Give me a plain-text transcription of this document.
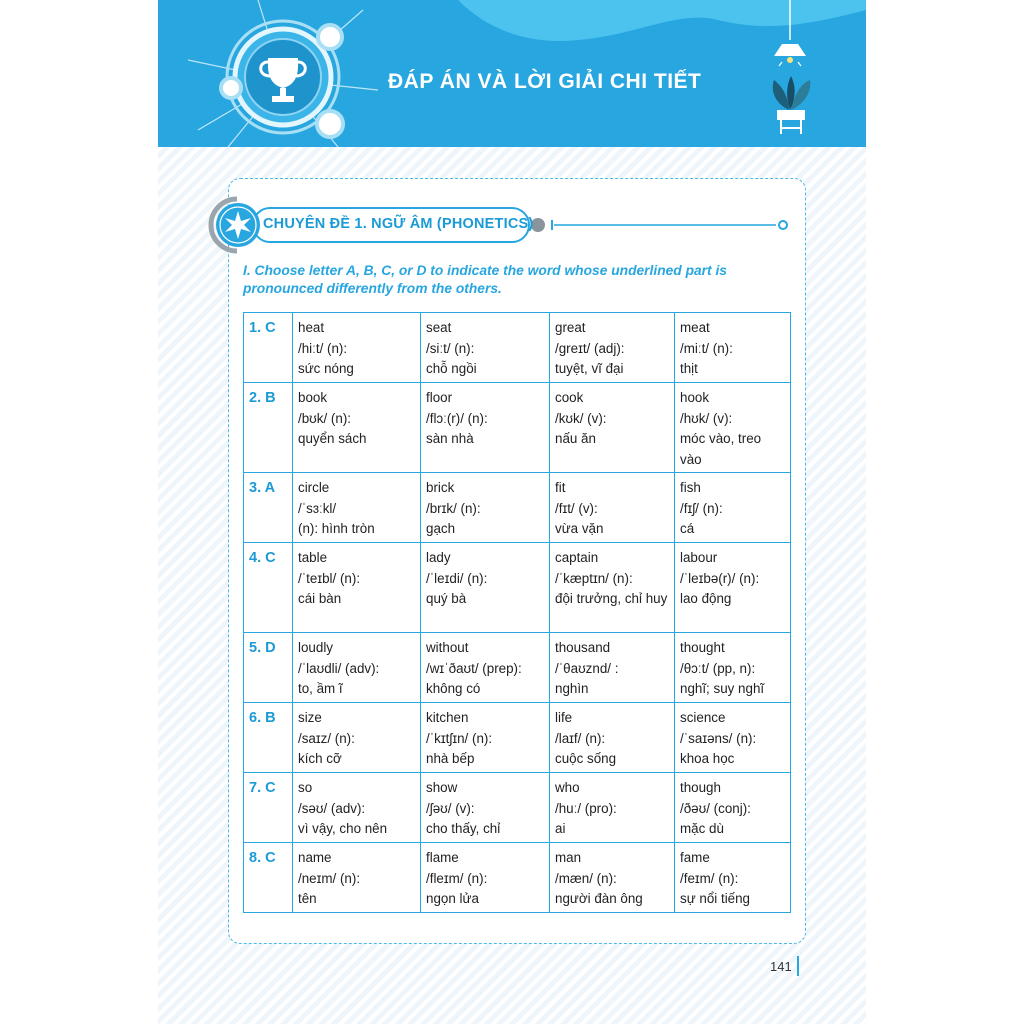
ĐÁP ÁN VÀ LỜI GIẢI CHI TIẾT
CHUYÊN ĐỀ 1. NGỮ ÂM (PHONETICS)
I. Choose letter A, B, C, or D to indicate the word whose underlined part is pronounced differently from the others.
1. C	heat
/hiːt/ (n):
sức nóng	seat
/siːt/ (n):
chỗ ngồi	great
/ɡreɪt/ (adj):
tuyệt, vĩ đại	meat
/miːt/ (n):
thịt

2. B	book
/bʊk/ (n):
quyển sách	floor
/flɔː(r)/ (n):
sàn nhà	cook
/kʊk/ (v):
nấu ăn	hook
/hʊk/ (v):
móc vào, treo vào

3. A	circle
/ˈsɜːkl/
(n): hình tròn	brick
/brɪk/ (n):
gạch	fit
/fɪt/ (v):
vừa vặn	fish
/fɪʃ/ (n):
cá

4. C	table
/ˈteɪbl/ (n):
cái bàn	lady
/ˈleɪdi/ (n):
quý bà	captain
/ˈkæptɪn/ (n):
đội trưởng, chỉ huy	labour
/ˈleɪbə(r)/ (n):
lao động

5. D	loudly
/ˈlaʊdli/ (adv):
to, ầm ĩ	without
/wɪˈðaʊt/ (prep):
không có	thousand
/ˈθaʊznd/ :
nghìn	thought
/θɔːt/ (pp, n):
nghĩ; suy nghĩ

6. B	size
/saɪz/ (n):
kích cỡ	kitchen
/ˈkɪtʃɪn/ (n):
nhà bếp	life
/laɪf/ (n):
cuộc sống	science
/ˈsaɪəns/ (n):
khoa học

7. C	so
/səʊ/ (adv):
vì vậy, cho nên	show
/ʃəʊ/ (v):
cho thấy, chỉ	who
/huː/ (pro):
ai	though
/ðəʊ/ (conj):
mặc dù

8. C	name
/neɪm/ (n):
tên	flame
/fleɪm/ (n):
ngọn lửa	man
/mæn/ (n):
người đàn ông	fame
/feɪm/ (n):
sự nổi tiếng
141
